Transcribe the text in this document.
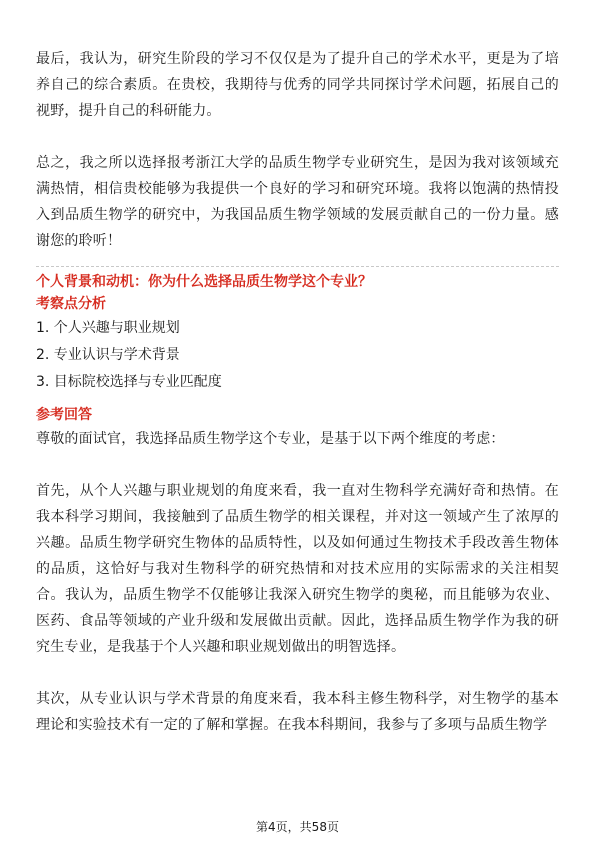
最后，我认为，研究生阶段的学习不仅仅是为了提升自己的学术水平，更是为了培养自己的综合素质。在贵校，我期待与优秀的同学共同探讨学术问题，拓展自己的视野，提升自己的科研能力。

总之，我之所以选择报考浙江大学的品质生物学专业研究生，是因为我对该领域充满热情，相信贵校能够为我提供一个良好的学习和研究环境。我将以饱满的热情投入到品质生物学的研究中，为我国品质生物学领域的发展贡献自己的一份力量。感谢您的聆听！

个人背景和动机：你为什么选择品质生物学这个专业？

考察点分析

1. 个人兴趣与职业规划

2. 专业认识与学术背景

3. 目标院校选择与专业匹配度

参考回答

尊敬的面试官，我选择品质生物学这个专业，是基于以下两个维度的考虑：

首先，从个人兴趣与职业规划的角度来看，我一直对生物科学充满好奇和热情。在我本科学习期间，我接触到了品质生物学的相关课程，并对这一领域产生了浓厚的兴趣。品质生物学研究生物体的品质特性，以及如何通过生物技术手段改善生物体的品质，这恰好与我对生物科学的研究热情和对技术应用的实际需求的关注相契合。我认为，品质生物学不仅能够让我深入研究生物学的奥秘，而且能够为农业、医药、食品等领域的产业升级和发展做出贡献。因此，选择品质生物学作为我的研究生专业，是我基于个人兴趣和职业规划做出的明智选择。

其次，从专业认识与学术背景的角度来看，我本科主修生物科学，对生物学的基本理论和实验技术有一定的了解和掌握。在我本科期间，我参与了多项与品质生物学

第4页，共58页
